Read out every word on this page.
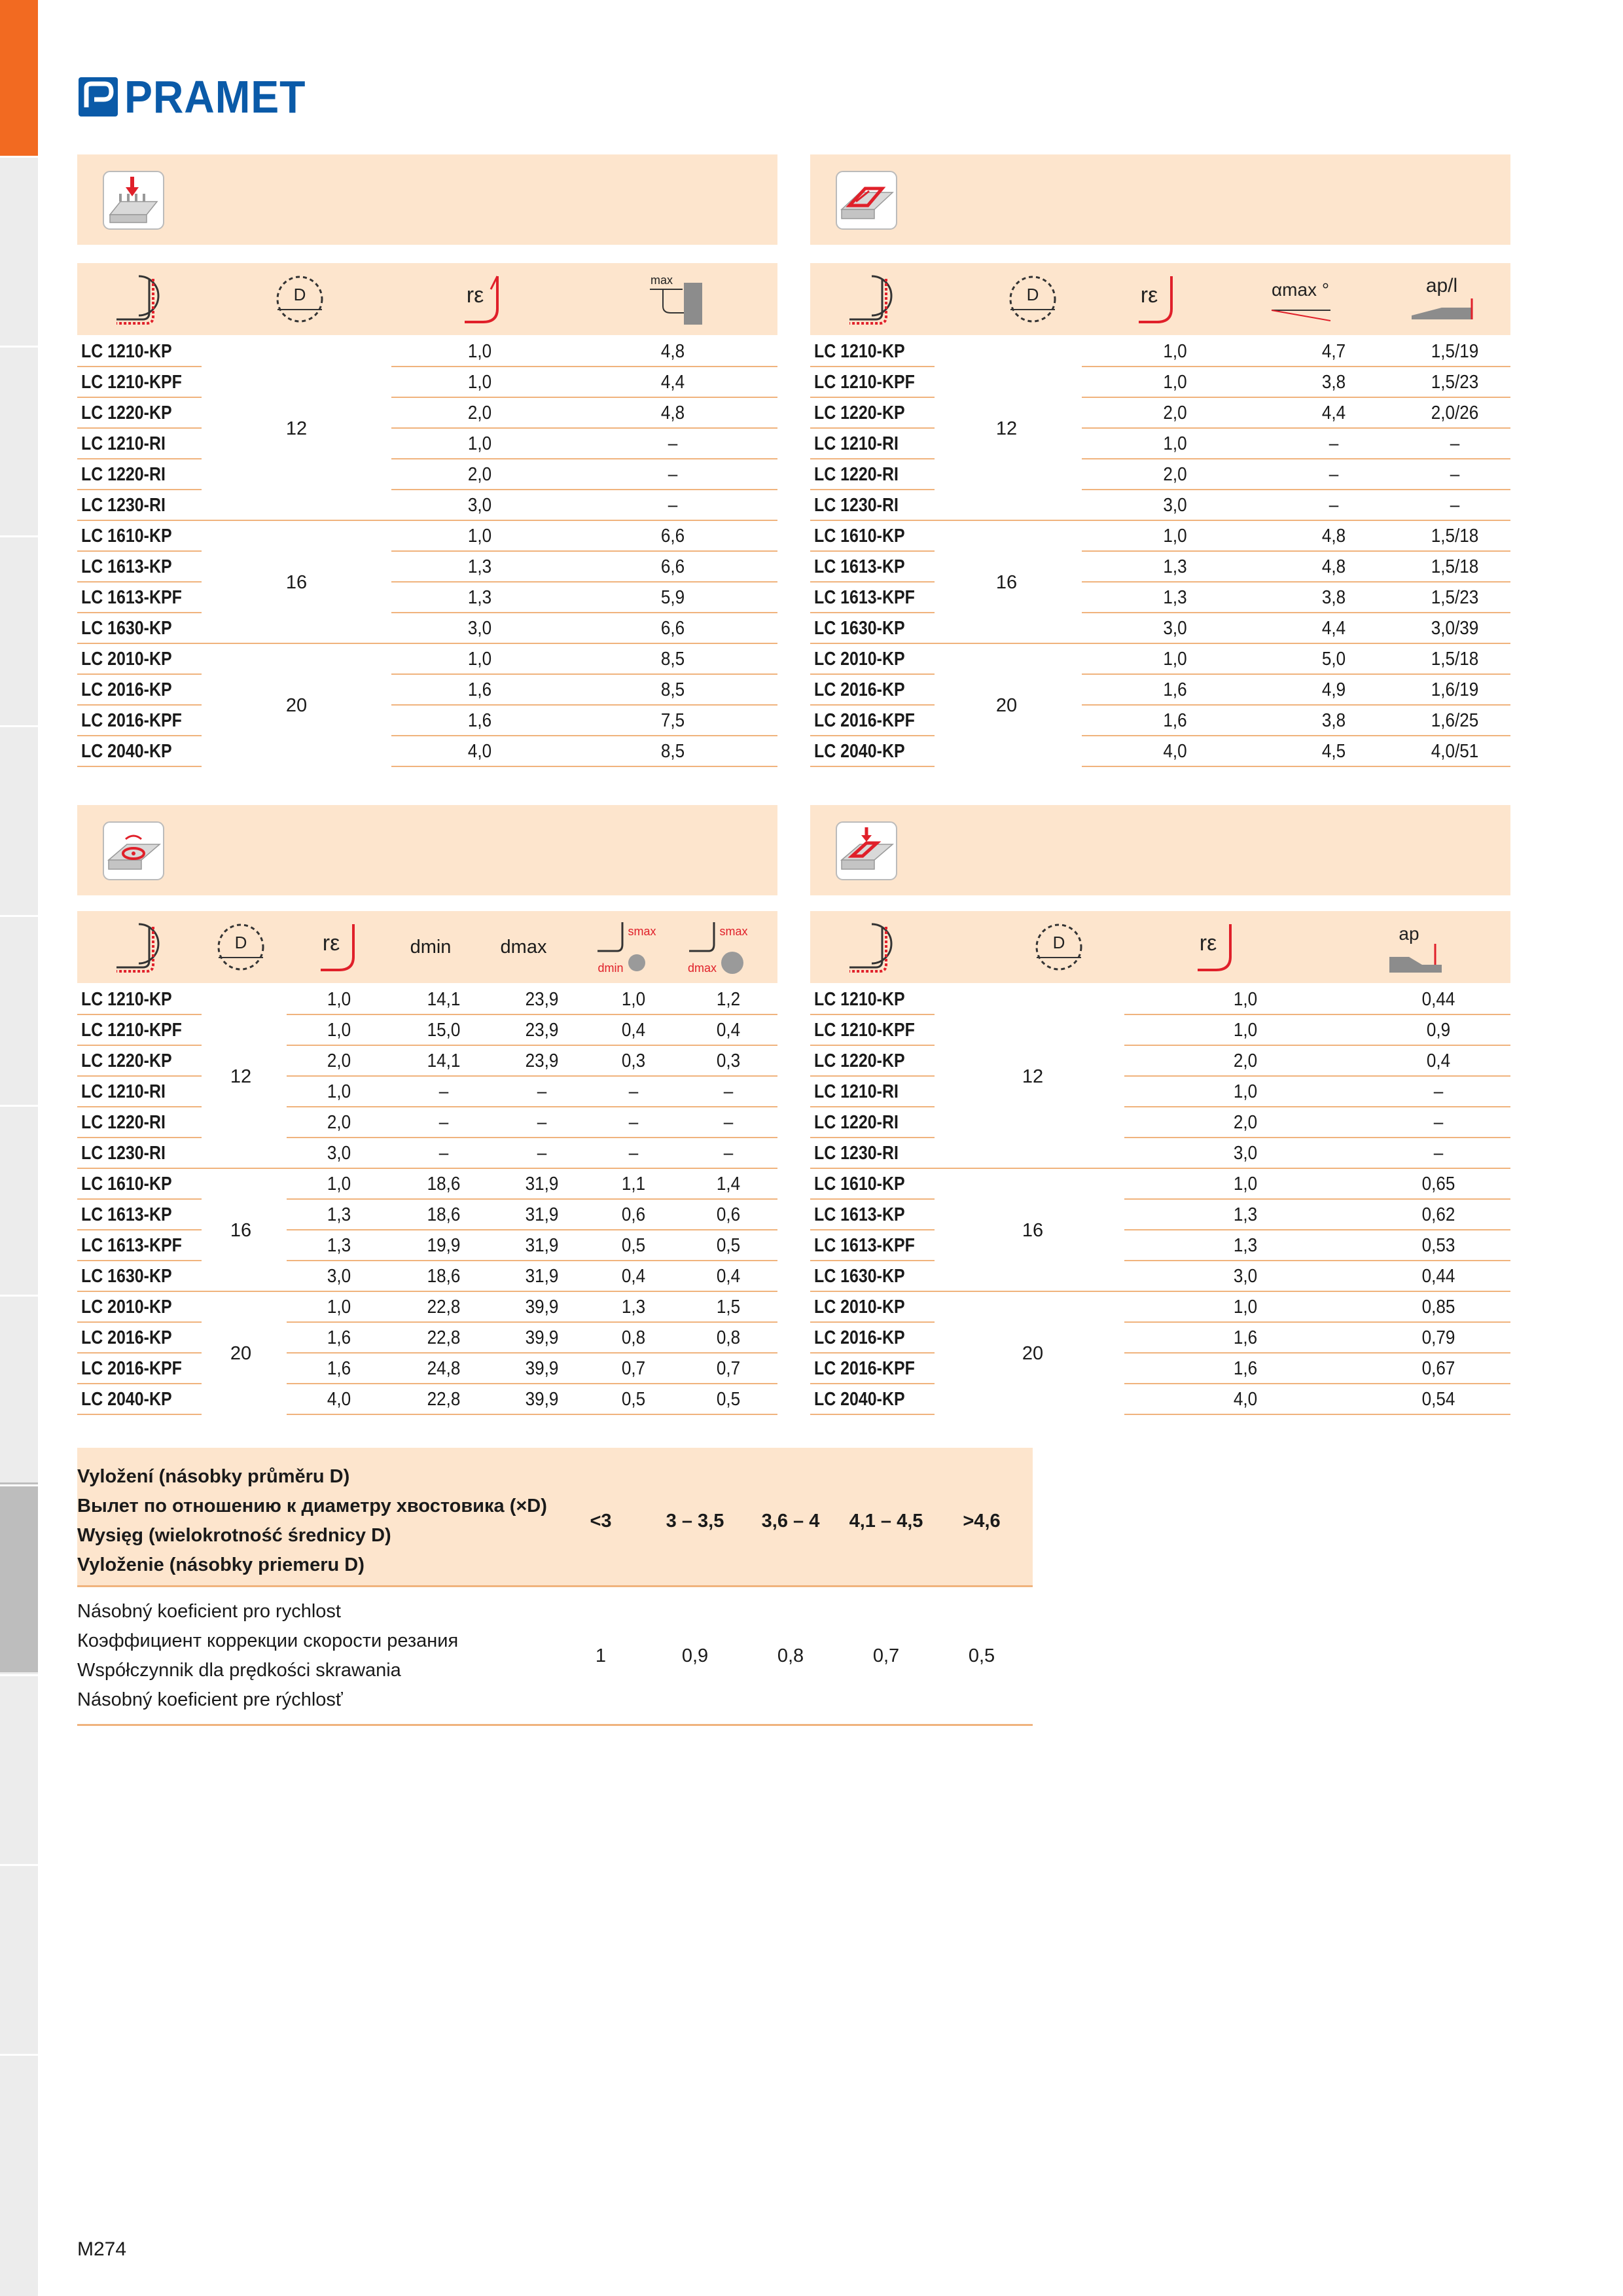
PRAMET
D	rε
max
D	rε	αmax °	ap/l
D	rε	dmin	dmax
smax
dmin
smax
dmax
D	rε	ap
LC 1210-KP	1,0	4,8
LC 1210-KPF	1,0	4,4
LC 1220-KP	2,0	4,8
LC 1210-RI	1,0	–
LC 1220-RI	2,0	–
LC 1230-RI	3,0	–
12
LC 1610-KP	1,0	6,6
LC 1613-KP	1,3	6,6
LC 1613-KPF	1,3	5,9
LC 1630-KP	3,0	6,6
16
LC 2010-KP	1,0	8,5
LC 2016-KP	1,6	8,5
LC 2016-KPF	1,6	7,5
LC 2040-KP	4,0	8,5
20
LC 1210-KP	1,0	4,7	1,5/19
LC 1210-KPF	1,0	3,8	1,5/23
LC 1220-KP	2,0	4,4	2,0/26
LC 1210-RI	1,0	–	–
LC 1220-RI	2,0	–	–
LC 1230-RI	3,0	–	–
12
LC 1610-KP	1,0	4,8	1,5/18
LC 1613-KP	1,3	4,8	1,5/18
LC 1613-KPF	1,3	3,8	1,5/23
LC 1630-KP	3,0	4,4	3,0/39
16
LC 2010-KP	1,0	5,0	1,5/18
LC 2016-KP	1,6	4,9	1,6/19
LC 2016-KPF	1,6	3,8	1,6/25
LC 2040-KP	4,0	4,5	4,0/51
20
LC 1210-KP	1,0	14,1	23,9	1,0	1,2
LC 1210-KPF	1,0	15,0	23,9	0,4	0,4
LC 1220-KP	2,0	14,1	23,9	0,3	0,3
LC 1210-RI	1,0	–	–	–	–
LC 1220-RI	2,0	–	–	–	–
LC 1230-RI	3,0	–	–	–	–
12
LC 1610-KP	1,0	18,6	31,9	1,1	1,4
LC 1613-KP	1,3	18,6	31,9	0,6	0,6
LC 1613-KPF	1,3	19,9	31,9	0,5	0,5
LC 1630-KP	3,0	18,6	31,9	0,4	0,4
16
LC 2010-KP	1,0	22,8	39,9	1,3	1,5
LC 2016-KP	1,6	22,8	39,9	0,8	0,8
LC 2016-KPF	1,6	24,8	39,9	0,7	0,7
LC 2040-KP	4,0	22,8	39,9	0,5	0,5
20
LC 1210-KP	1,0	0,44
LC 1210-KPF	1,0	0,9
LC 1220-KP	2,0	0,4
LC 1210-RI	1,0	–
LC 1220-RI	2,0	–
LC 1230-RI	3,0	–
12
LC 1610-KP	1,0	0,65
LC 1613-KP	1,3	0,62
LC 1613-KPF	1,3	0,53
LC 1630-KP	3,0	0,44
16
LC 2010-KP	1,0	0,85
LC 2016-KP	1,6	0,79
LC 2016-KPF	1,6	0,67
LC 2040-KP	4,0	0,54
20
Vyložení (násobky průměru D)
Вылет по отношению к диаметру хвостовика (×D)
Wysięg (wielokrotność średnicy D)
Vyloženie (násobky priemeru D)
<3	3 – 3,5	3,6 – 4	4,1 – 4,5	>4,6
Násobný koeficient pro rychlost
Коэффициент коррекции скорости резания
Współczynnik dla prędkości skrawania
Násobný koeficient pre rýchlosť
1	0,9	0,8	0,7	0,5
M274
